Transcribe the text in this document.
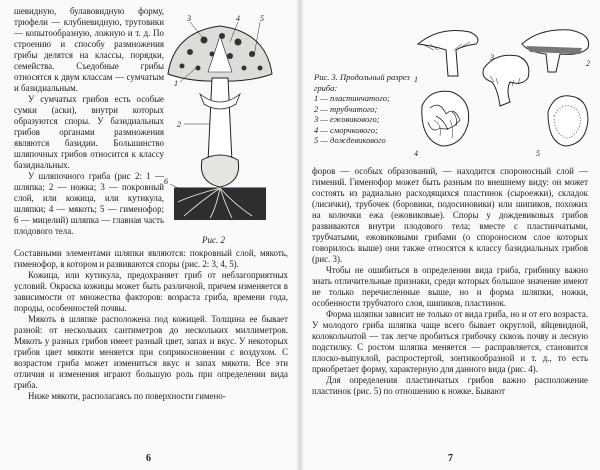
шевидную, булавовидную форму, трюфели — клубневидную, трутовики — копытообразную, ложную и т. д. По строению и способу размножения грибы делятся на классы, порядки, семейства. Съедобные грибы относятся к двум классам — сумчатым и базидиальным.

У сумчатых грибов есть особые сумки (аски), внутри которых образуются споры. У базидиальных грибов органами размножения являются базидии. Большинство шляпочных грибов относится к классу базидиальных.

У шляпочного гриба (рис 2: 1 — шляпка; 2 — ножка; 3 — покровный слой, или кожица, или кутикула, шляпки; 4 — мякоть; 5 — гименофор; 6 — мицелий) шляпка — главная часть плодового тела.

3	4	5
1
2
6
Рис. 2

Составными элементами шляпки являются: покровный слой, мякоть, гименофор, в котором и развиваются споры (рис. 2: 3, 4, 5).

Кожица, или кутикула, предохраняет гриб от неблагоприятных условий. Окраска кожицы может быть различной, причем изменяется в зависимости от множества факторов: возраста гриба, времени года, породы, особенностей почвы.

Мякоть в шляпке расположена под кожицей. Толщина ее бывает разной: от нескольких сантиметров до нескольких миллиметров. Мякоть у разных грибов имеет разный цвет, запах и вкус. У некоторых грибов цвет мякоти меняется при соприкосновении с воздухом. С возрастом гриба может измениться вкус и запах мякоти. Все эти отличия и изменения играют большую роль при определении вида гриба.

Ниже мякоти, располагаясь по поверхности гимено-

6
Рис. 3. Продольный разрез гриба:
1 — пластинчатого;
2 — трубчатого;
3 — ежовикового;
4 — сморчкового;
5 — дождевикового
3
1
2
4	5

форов — особых образований, — находится спороносный слой — гимений. Гименофор может быть разным по внешнему виду: он может состоять из радиально расходящихся пластинок (сыроежки), складок (лисички), трубочек (боровики, подосиновики) или шипиков, похожих на колючки ежа (ежовиковые). Споры у дождевиковых грибов развиваются внутри плодового тела; вместе с пластинчатыми, трубчатыми, ежовиковыми грибами (о спороносном слое которых говорилось выше) они также относятся к классу базидиальных грибов (рис. 3).

Чтобы не ошибиться в определении вида гриба, грибнику важно знать отличительные признаки, среди которых большое значение имеют не только перечисленные выше, но и форма шляпки, ножки, особенности трубчатого слоя, шипиков, пластинок.

Форма шляпки зависит не только от вида гриба, но и от его возраста. У молодого гриба шляпка чаще всего бывает округлой, яйцевидной, колокольчатой — так легче пробиться грибочку сквозь почву и лесную подстилку. С ростом шляпка меняется — расправляется, становится плоско-выпуклой, распростертой, зонтикообразной и т. д., то есть приобретает форму, характерную для данного вида (рис. 4).

Для определения пластинчатых грибов важно расположение пластинок (рис. 5) по отношению к ножке. Бывают

7
